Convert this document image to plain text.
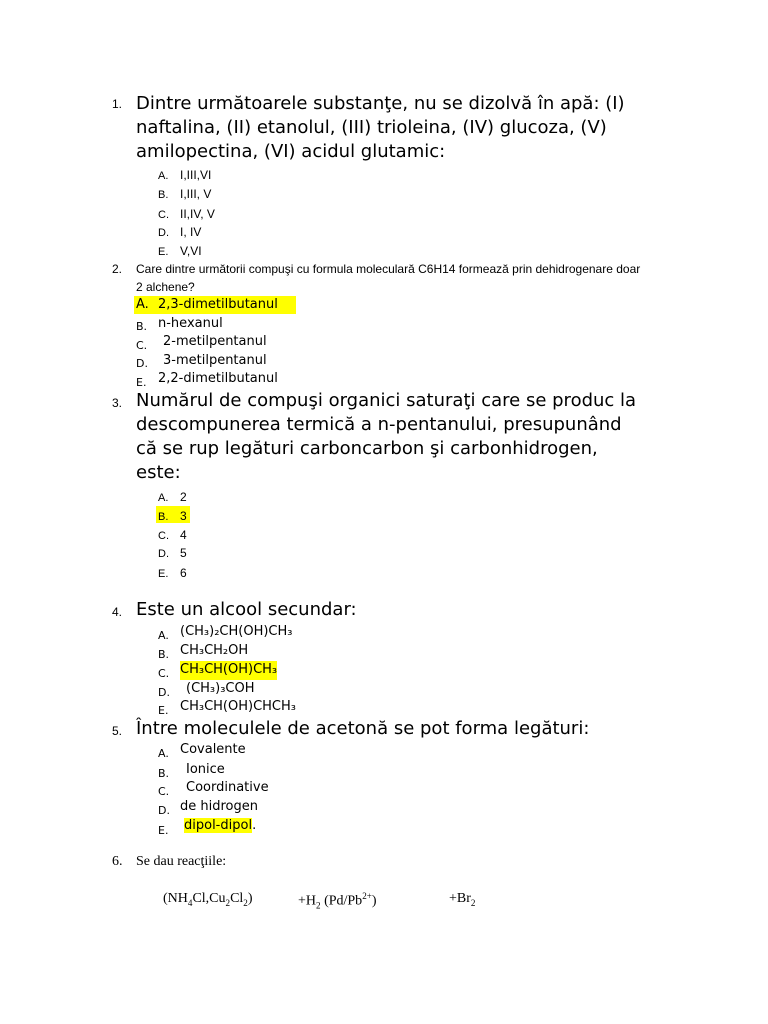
1. Dintre următoarele substanţe, nu se dizolvă în apă: (I)
naftalina, (II) etanolul, (III) trioleina, (IV) glucoza, (V)
amilopectina, (VI) acidul glutamic:
A. I,III,VI
B. I,III, V
C. II,IV, V
D. I, IV
E. V,VI
2. Care dintre următorii compuşi cu formula moleculară C6H14 formează prin dehidrogenare doar
2 alchene?
A. 2,3-dimetilbutanul
B. n-hexanul
C. 2-metilpentanul
D. 3-metilpentanul
E. 2,2-dimetilbutanul
3. Numărul de compuşi organici saturaţi care se produc la
descompunerea termică a n-pentanului, presupunând
că se rup legături carboncarbon şi carbonhidrogen,
este:
A. 2
B. 3
C. 4
D. 5
E. 6
4. Este un alcool secundar:
A. (CH₃)₂CH(OH)CH₃
B. CH₃CH₂OH
C. CH₃CH(OH)CH₃
D. (CH₃)₃COH
E. CH₃CH(OH)CHCH₃
5. Între moleculele de acetonă se pot forma legături:
A. Covalente
B. Ionice
C. Coordinative
D. de hidrogen
E. dipol-dipol.
6. Se dau reacţiile:
$(NH_4Cl,Cu_2Cl_2)$	$+H_2$ $(Pd/Pb^{2+})$	$+Br_2$
